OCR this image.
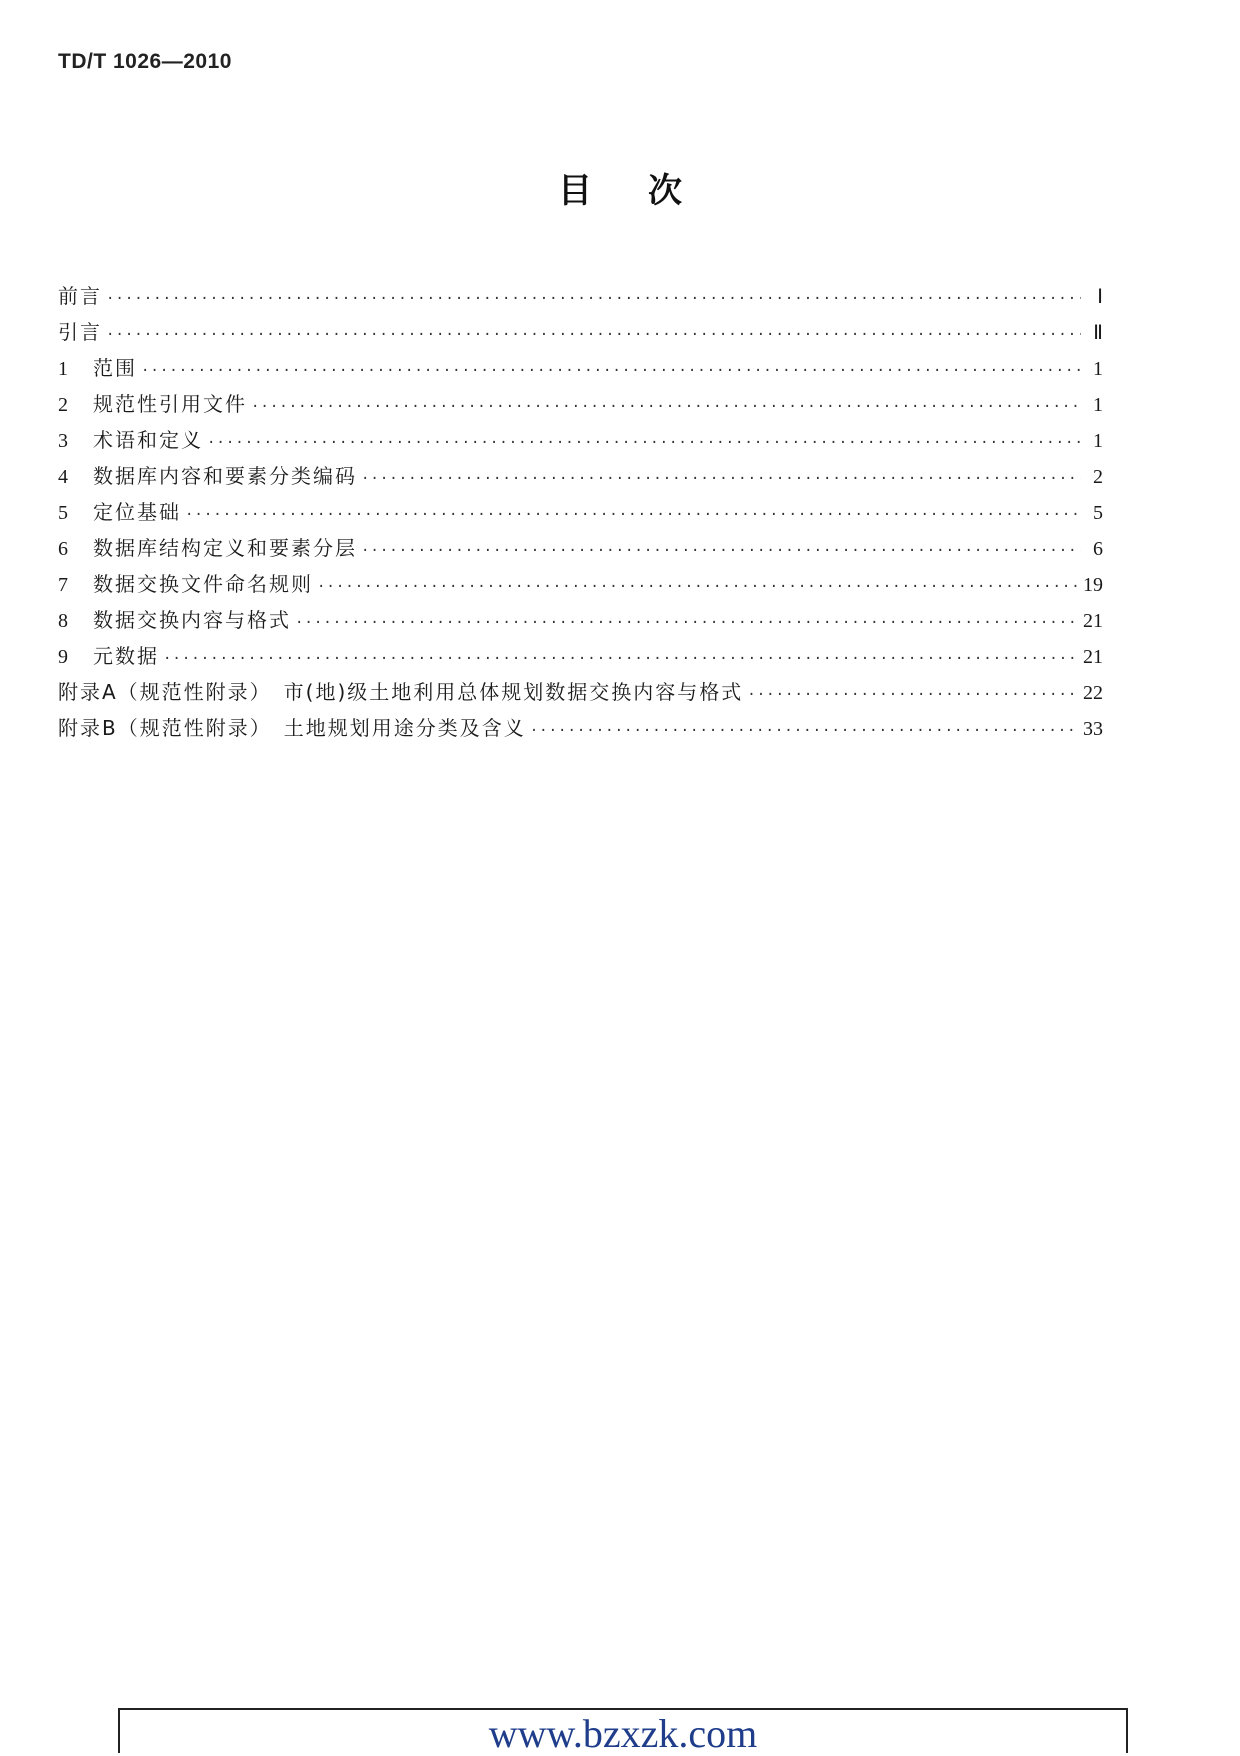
TD/T 1026—2010
目次
前言 ·····	Ⅰ
引言 ·····	Ⅱ
1	范围 ·····	1
2	规范性引用文件 ·····	1
3	术语和定义 ·····	1
4	数据库内容和要素分类编码 ·····	2
5	定位基础 ·····	5
6	数据库结构定义和要素分层 ·····	6
7	数据交换文件命名规则 ·····	19
8	数据交换内容与格式 ·····	21
9	元数据 ·····	21
附录A（规范性附录）　市(地)级土地利用总体规划数据交换内容与格式 ·····	22
附录B（规范性附录）　土地规划用途分类及含义 ·····	33
www.bzxzk.com
